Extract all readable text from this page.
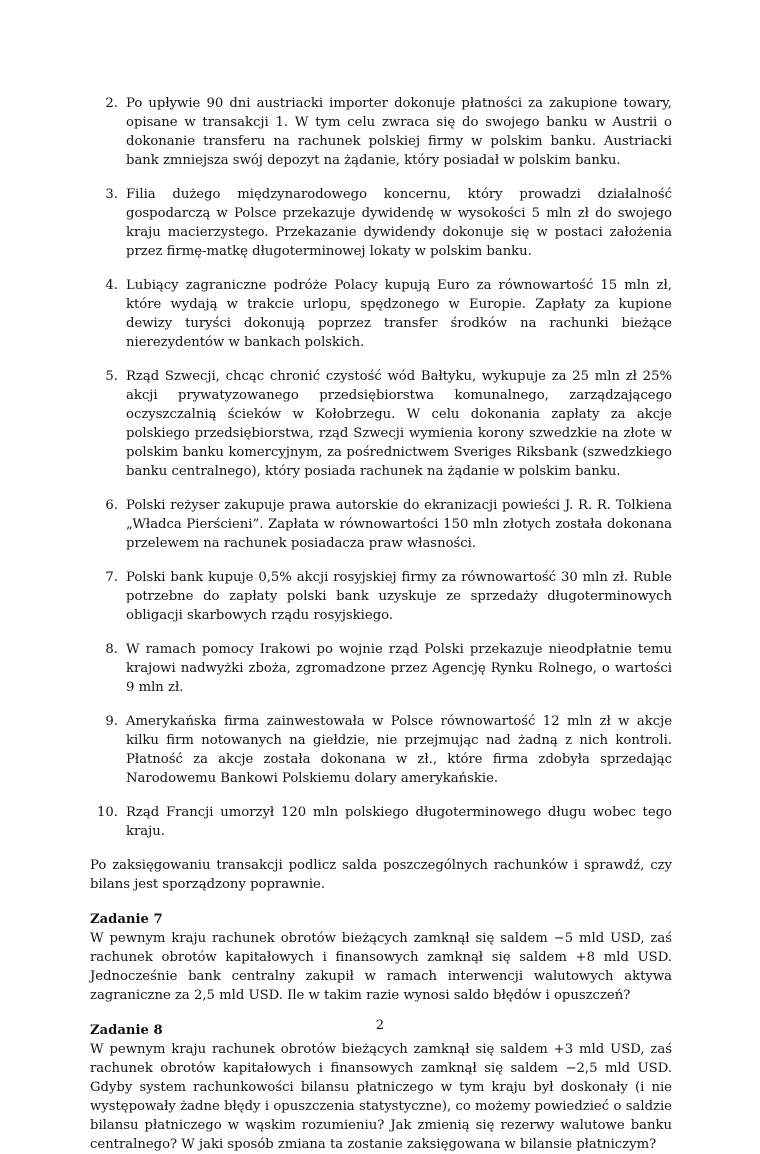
2. Po upływie 90 dni austriacki importer dokonuje płatności za zakupione towary, opisane w transakcji 1. W tym celu zwraca się do swojego banku w Austrii o dokonanie transferu na rachunek polskiej firmy w polskim banku. Austriacki bank zmniejsza swój depozyt na żądanie, który posiadał w polskim banku.
3. Filia dużego międzynarodowego koncernu, który prowadzi działalność gospodarczą w Polsce przekazuje dywidendę w wysokości 5 mln zł do swojego kraju macierzystego. Przekazanie dywidendy dokonuje się w postaci założenia przez firmę-matkę długoterminowej lokaty w polskim banku.
4. Lubiący zagraniczne podróże Polacy kupują Euro za równowartość 15 mln zł, które wydają w trakcie urlopu, spędzonego w Europie. Zapłaty za kupione dewizy turyści dokonują poprzez transfer środków na rachunki bieżące nierezydentów w bankach polskich.
5. Rząd Szwecji, chcąc chronić czystość wód Bałtyku, wykupuje za 25 mln zł 25% akcji prywatyzowanego przedsiębiorstwa komunalnego, zarządzającego oczyszczalnią ścieków w Kołobrzegu. W celu dokonania zapłaty za akcje polskiego przedsiębiorstwa, rząd Szwecji wymienia korony szwedzkie na złote w polskim banku komercyjnym, za pośrednictwem Sveriges Riksbank (szwedzkiego banku centralnego), który posiada rachunek na żądanie w polskim banku.
6. Polski reżyser zakupuje prawa autorskie do ekranizacji powieści J. R. R. Tolkiena „Władca Pierścieni”. Zapłata w równowartości 150 mln złotych została dokonana przelewem na rachunek posiadacza praw własności.
7. Polski bank kupuje 0,5% akcji rosyjskiej firmy za równowartość 30 mln zł. Ruble potrzebne do zapłaty polski bank uzyskuje ze sprzedaży długoterminowych obligacji skarbowych rządu rosyjskiego.
8. W ramach pomocy Irakowi po wojnie rząd Polski przekazuje nieodpłatnie temu krajowi nadwyżki zboża, zgromadzone przez Agencję Rynku Rolnego, o wartości 9 mln zł.
9. Amerykańska firma zainwestowała w Polsce równowartość 12 mln zł w akcje kilku firm notowanych na giełdzie, nie przejmując nad żadną z nich kontroli. Płatność za akcje została dokonana w zł., które firma zdobyła sprzedając Narodowemu Bankowi Polskiemu dolary amerykańskie.
10. Rząd Francji umorzył 120 mln polskiego długoterminowego długu wobec tego kraju.

Po zaksięgowaniu transakcji podlicz salda poszczególnych rachunków i sprawdź, czy bilans jest sporządzony poprawnie.

Zadanie 7

W pewnym kraju rachunek obrotów bieżących zamknął się saldem −5 mld USD, zaś rachunek obrotów kapitałowych i finansowych zamknął się saldem +8 mld USD. Jednocześnie bank centralny zakupił w ramach interwencji walutowych aktywa zagraniczne za 2,5 mld USD. Ile w takim razie wynosi saldo błędów i opuszczeń?

Zadanie 8

W pewnym kraju rachunek obrotów bieżących zamknął się saldem +3 mld USD, zaś rachunek obrotów kapitałowych i finansowych zamknął się saldem −2,5 mld USD. Gdyby system rachunkowości bilansu płatniczego w tym kraju był doskonały (i nie występowały żadne błędy i opuszczenia statystyczne), co możemy powiedzieć o saldzie bilansu płatniczego w wąskim rozumieniu? Jak zmienią się rezerwy walutowe banku centralnego? W jaki sposób zmiana ta zostanie zaksięgowana w bilansie płatniczym?

2
